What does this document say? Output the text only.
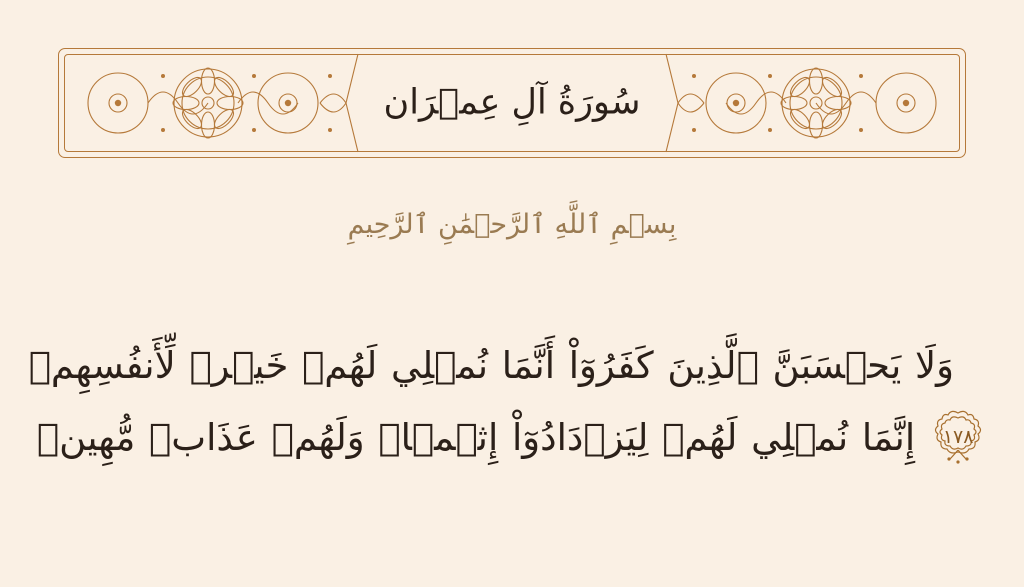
سُورَةُ آلِ عِمۡرَان
بِسۡمِ ٱللَّهِ ٱلرَّحۡمَٰنِ ٱلرَّحِيمِ
وَلَا يَحۡسَبَنَّ ٱلَّذِينَ كَفَرُوٓاْ أَنَّمَا نُمۡلِي لَهُمۡ خَيۡرٞ لِّأَنفُسِهِمۡ
١٧٨
إِنَّمَا نُمۡلِي لَهُمۡ لِيَزۡدَادُوٓاْ إِثۡمࣰاۚ وَلَهُمۡ عَذَابࣱ مُّهِينࣱ
